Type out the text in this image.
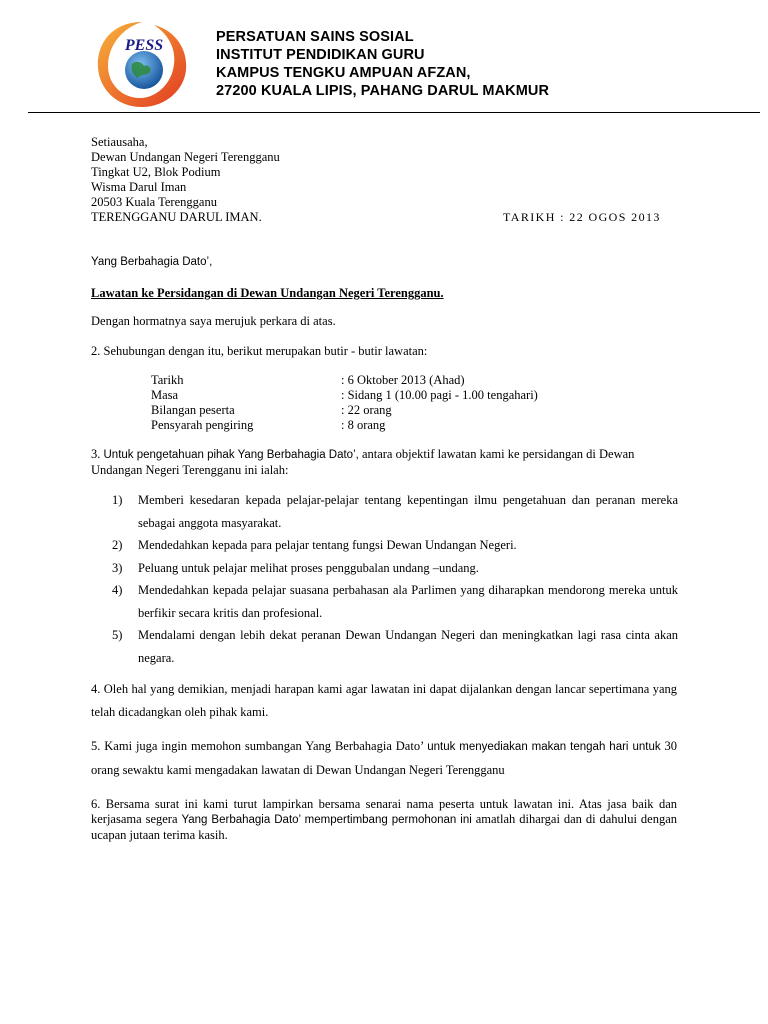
PESS	PERSATUAN SAINS SOSIAL
INSTITUT PENDIDIKAN GURU
KAMPUS TENGKU AMPUAN AFZAN,
27200 KUALA LIPIS, PAHANG DARUL MAKMUR
Setiausaha,
Dewan Undangan Negeri Terengganu
Tingkat U2, Blok Podium
Wisma Darul Iman
20503 Kuala Terengganu
TERENGGANU DARUL IMAN.	TARIKH : 22 OGOS 2013
Yang Berbahagia Dato’,
Lawatan ke Persidangan di Dewan Undangan Negeri Terengganu.
Dengan hormatnya saya merujuk perkara di atas.
2. Sehubungan dengan itu, berikut merupakan butir - butir lawatan:
Tarikh	: 6 Oktober 2013 (Ahad)
Masa	: Sidang 1 (10.00 pagi - 1.00 tengahari)
Bilangan peserta	: 22 orang
Pensyarah pengiring	: 8 orang
3. Untuk pengetahuan pihak Yang Berbahagia Dato’, antara objektif lawatan kami ke persidangan di Dewan Undangan Negeri Terengganu ini ialah:
1) Memberi kesedaran kepada pelajar-pelajar tentang kepentingan ilmu pengetahuan dan peranan mereka sebagai anggota masyarakat.
2) Mendedahkan kepada para pelajar tentang fungsi Dewan Undangan Negeri.
3) Peluang untuk pelajar melihat proses penggubalan undang –undang.
4) Mendedahkan kepada pelajar suasana perbahasan ala Parlimen yang diharapkan mendorong mereka untuk berfikir secara kritis dan profesional.
5) Mendalami dengan lebih dekat peranan Dewan Undangan Negeri dan meningkatkan lagi rasa cinta akan negara.
4. Oleh hal yang demikian, menjadi harapan kami agar lawatan ini dapat dijalankan dengan lancar sepertimana yang telah dicadangkan oleh pihak kami.
5. Kami juga ingin memohon sumbangan Yang Berbahagia Dato’ untuk menyediakan makan tengah hari untuk 30 orang sewaktu kami mengadakan lawatan di Dewan Undangan Negeri Terengganu
6. Bersama surat ini kami turut lampirkan bersama senarai nama peserta untuk lawatan ini. Atas jasa baik dan kerjasama segera Yang Berbahagia Dato’ mempertimbang permohonan ini amatlah dihargai dan di dahului dengan ucapan jutaan terima kasih.
